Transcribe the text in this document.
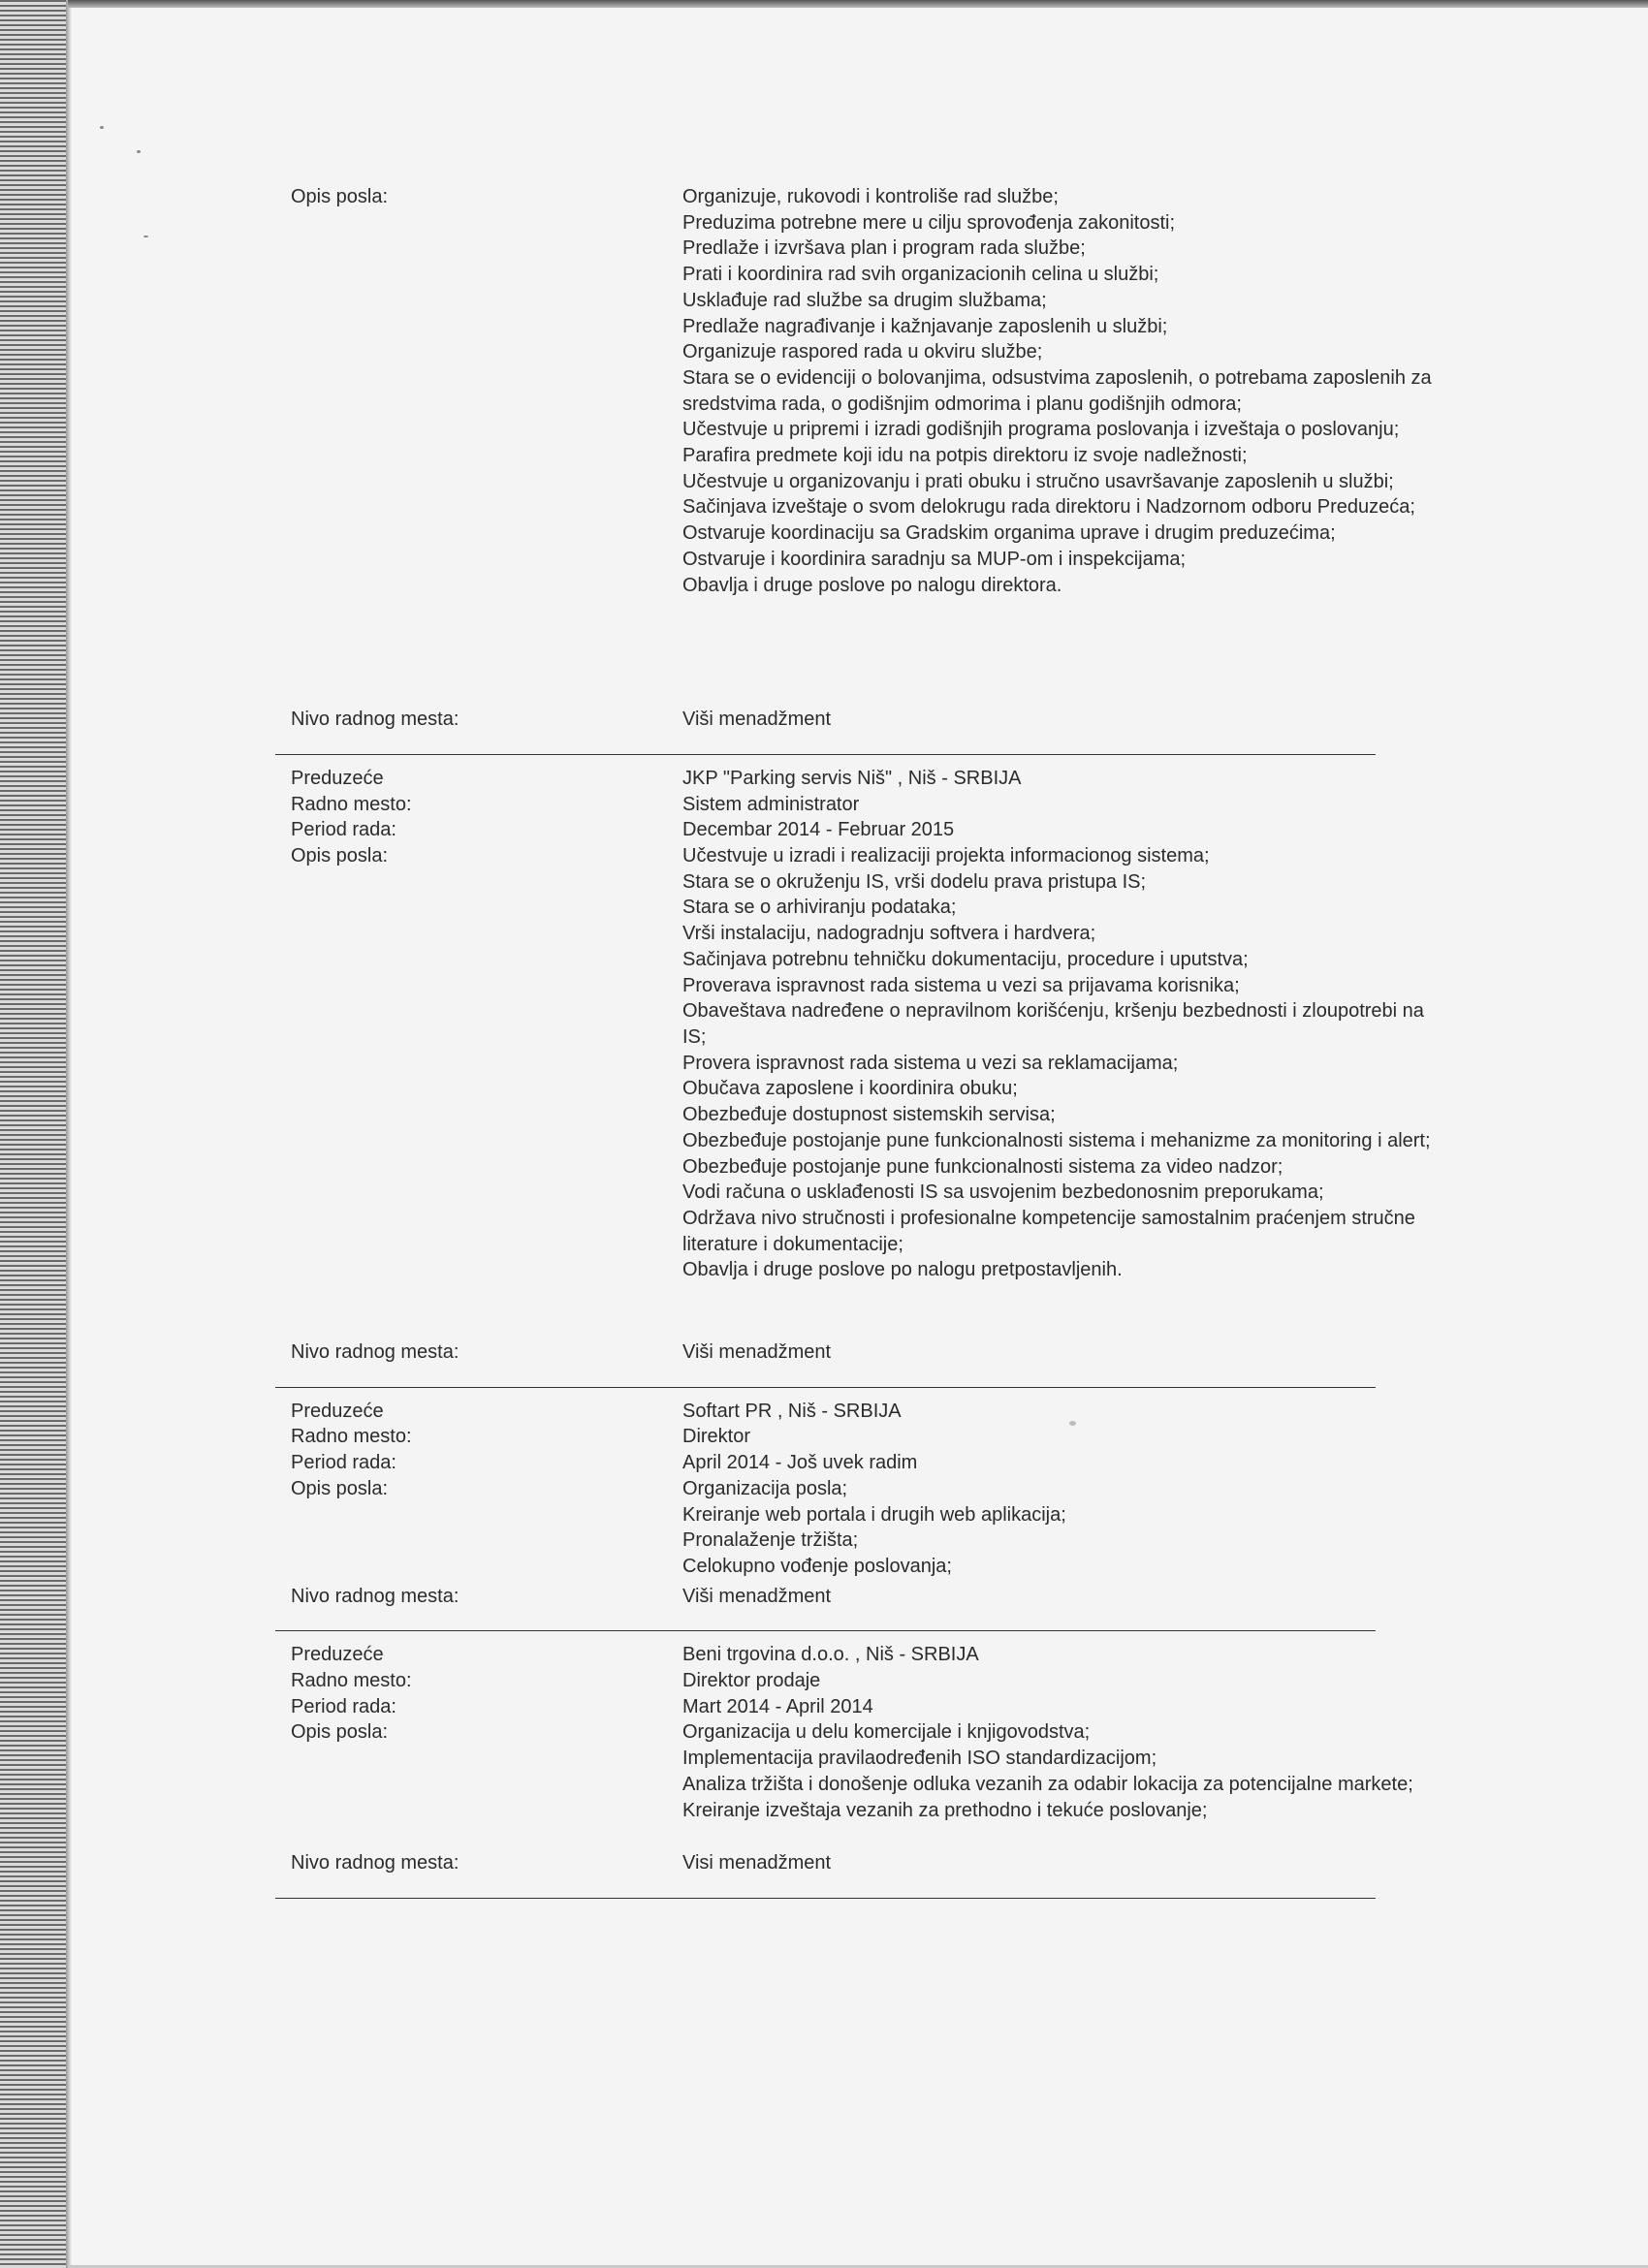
Opis posla:	Organizuje, rukovodi i kontroliše rad službe;
Preduzima potrebne mere u cilju sprovođenja zakonitosti;
Predlaže i izvršava plan i program rada službe;
Prati i koordinira rad svih organizacionih celina u službi;
Usklađuje rad službe sa drugim službama;
Predlaže nagrađivanje i kažnjavanje zaposlenih u službi;
Organizuje raspored rada u okviru službe;
Stara se o evidenciji o bolovanjima, odsustvima zaposlenih, o potrebama zaposlenih za
sredstvima rada, o godišnjim odmorima i planu godišnjih odmora;
Učestvuje u pripremi i izradi godišnjih programa poslovanja i izveštaja o poslovanju;
Parafira predmete koji idu na potpis direktoru iz svoje nadležnosti;
Učestvuje u organizovanju i prati obuku i stručno usavršavanje zaposlenih u službi;
Sačinjava izveštaje o svom delokrugu rada direktoru i Nadzornom odboru Preduzeća;
Ostvaruje koordinaciju sa Gradskim organima uprave i drugim preduzećima;
Ostvaruje i koordinira saradnju sa MUP-om i inspekcijama;
Obavlja i druge poslove po nalogu direktora.
Nivo radnog mesta:	Viši menadžment
Preduzeće	JKP "Parking servis Niš" , Niš - SRBIJA
Radno mesto:	Sistem administrator
Period rada:	Decembar 2014 - Februar 2015
Opis posla:	Učestvuje u izradi i realizaciji projekta informacionog sistema;
Stara se o okruženju IS, vrši dodelu prava pristupa IS;
Stara se o arhiviranju podataka;
Vrši instalaciju, nadogradnju softvera i hardvera;
Sačinjava potrebnu tehničku dokumentaciju, procedure i uputstva;
Proverava ispravnost rada sistema u vezi sa prijavama korisnika;
Obaveštava nadređene o nepravilnom korišćenju, kršenju bezbednosti i zloupotrebi na
IS;
Provera ispravnost rada sistema u vezi sa reklamacijama;
Obučava zaposlene i koordinira obuku;
Obezbeđuje dostupnost sistemskih servisa;
Obezbeđuje postojanje pune funkcionalnosti sistema i mehanizme za monitoring i alert;
Obezbeđuje postojanje pune funkcionalnosti sistema za video nadzor;
Vodi računa o usklađenosti IS sa usvojenim bezbedonosnim preporukama;
Održava nivo stručnosti i profesionalne kompetencije samostalnim praćenjem stručne
literature i dokumentacije;
Obavlja i druge poslove po nalogu pretpostavljenih.
Nivo radnog mesta:	Viši menadžment
Preduzeće	Softart PR , Niš - SRBIJA
Radno mesto:	Direktor
Period rada:	April 2014 - Još uvek radim
Opis posla:	Organizacija posla;
Kreiranje web portala i drugih web aplikacija;
Pronalaženje tržišta;
Celokupno vođenje poslovanja;
Nivo radnog mesta:	Viši menadžment
Preduzeće	Beni trgovina d.o.o. , Niš - SRBIJA
Radno mesto:	Direktor prodaje
Period rada:	Mart 2014 - April 2014
Opis posla:	Organizacija u delu komercijale i knjigovodstva;
Implementacija pravilaodređenih ISO standardizacijom;
Analiza tržišta i donošenje odluka vezanih za odabir lokacija za potencijalne markete;
Kreiranje izveštaja vezanih za prethodno i tekuće poslovanje;
Nivo radnog mesta:	Visi menadžment
